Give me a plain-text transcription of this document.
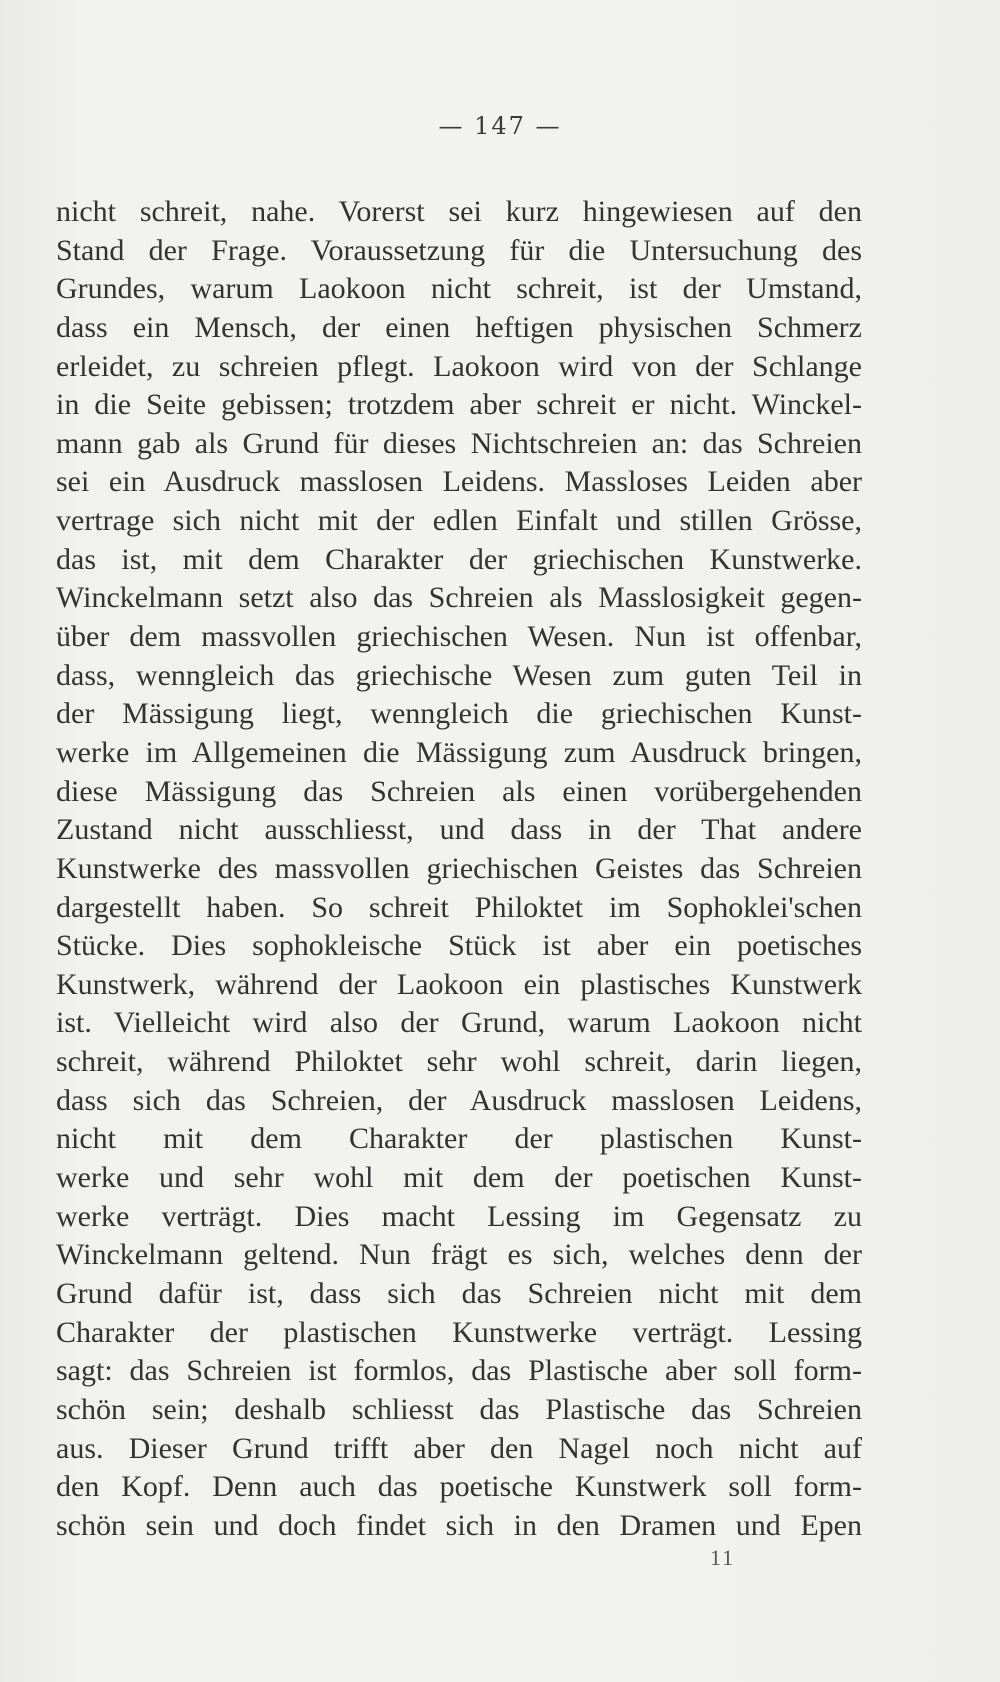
— 147 —
nicht schreit, nahe. Vorerst sei kurz hingewiesen auf den
Stand der Frage. Voraussetzung für die Untersuchung des
Grundes, warum Laokoon nicht schreit, ist der Umstand,
dass ein Mensch, der einen heftigen physischen Schmerz
erleidet, zu schreien pflegt. Laokoon wird von der Schlange
in die Seite gebissen; trotzdem aber schreit er nicht. Winckel-
mann gab als Grund für dieses Nichtschreien an: das Schreien
sei ein Ausdruck masslosen Leidens. Massloses Leiden aber
vertrage sich nicht mit der edlen Einfalt und stillen Grösse,
das ist, mit dem Charakter der griechischen Kunstwerke.
Winckelmann setzt also das Schreien als Masslosigkeit gegen-
über dem massvollen griechischen Wesen. Nun ist offenbar,
dass, wenngleich das griechische Wesen zum guten Teil in
der Mässigung liegt, wenngleich die griechischen Kunst-
werke im Allgemeinen die Mässigung zum Ausdruck bringen,
diese Mässigung das Schreien als einen vorübergehenden
Zustand nicht ausschliesst, und dass in der That andere
Kunstwerke des massvollen griechischen Geistes das Schreien
dargestellt haben. So schreit Philoktet im Sophoklei'schen
Stücke. Dies sophokleische Stück ist aber ein poetisches
Kunstwerk, während der Laokoon ein plastisches Kunstwerk
ist. Vielleicht wird also der Grund, warum Laokoon nicht
schreit, während Philoktet sehr wohl schreit, darin liegen,
dass sich das Schreien, der Ausdruck masslosen Leidens,
nicht mit dem Charakter der plastischen Kunst-
werke und sehr wohl mit dem der poetischen Kunst-
werke verträgt. Dies macht Lessing im Gegensatz zu
Winckelmann geltend. Nun frägt es sich, welches denn der
Grund dafür ist, dass sich das Schreien nicht mit dem
Charakter der plastischen Kunstwerke verträgt. Lessing
sagt: das Schreien ist formlos, das Plastische aber soll form-
schön sein; deshalb schliesst das Plastische das Schreien
aus. Dieser Grund trifft aber den Nagel noch nicht auf
den Kopf. Denn auch das poetische Kunstwerk soll form-
schön sein und doch findet sich in den Dramen und Epen
11
